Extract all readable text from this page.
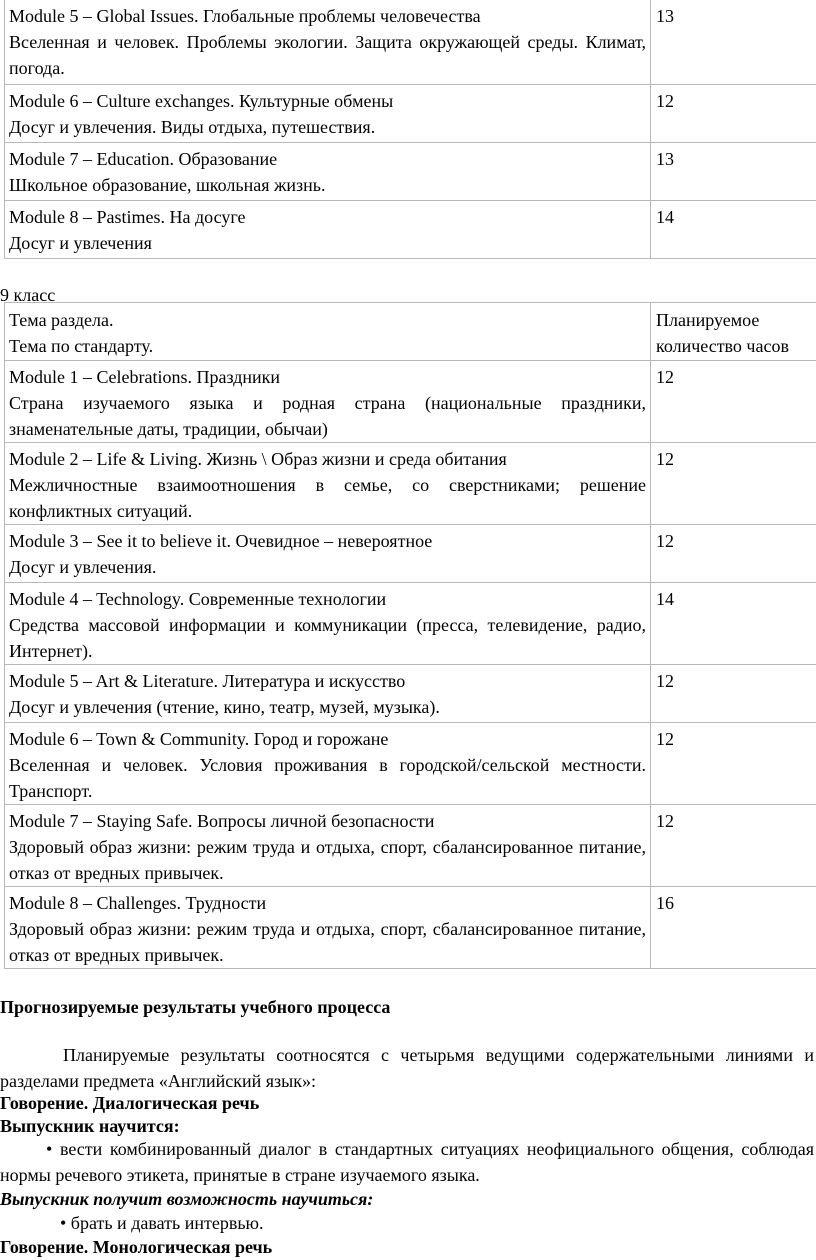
Module 5 – Global Issues. Глобальные проблемы человечества
Вселенная и человек. Проблемы экологии. Защита окружающей среды. Климат, погода.	13

Module 6 – Culture exchanges. Культурные обмены
Досуг и увлечения. Виды отдыха, путешествия.	12

Module 7 – Education. Образование
Школьное образование, школьная жизнь.	13

Module 8 – Pastimes. На досуге
Досуг и увлечения	14
9 класс
Тема раздела.
Тема по стандарту.	Планируемое количество часов

Module 1 – Celebrations. Праздники
Страна изучаемого языка и родная страна (национальные праздники, знаменательные даты, традиции, обычаи)	12

Module 2 – Life & Living. Жизнь \ Образ жизни и среда обитания
Межличностные взаимоотношения в семье, со сверстниками; решение конфликтных ситуаций.	12

Module 3 – See it to believe it. Очевидное – невероятное
Досуг и увлечения.	12

Module 4 – Technology. Современные технологии
Средства массовой информации и коммуникации (пресса, телевидение, радио, Интернет).	14

Module 5 – Art & Literature. Литература и искусство
Досуг и увлечения (чтение, кино, театр, музей, музыка).	12

Module 6 – Town & Community. Город и горожане
Вселенная и человек. Условия проживания в городской/сельской местности. Транспорт.	12

Module 7 – Staying Safe. Вопросы личной безопасности
Здоровый образ жизни: режим труда и отдыха, спорт, сбалансированное питание, отказ от вредных привычек.	12

Module 8 – Challenges. Трудности
Здоровый образ жизни: режим труда и отдыха, спорт, сбалансированное питание, отказ от вредных привычек.	16
Прогнозируемые результаты учебного процесса
Планируемые результаты соотносятся с четырьмя ведущими содержательными линиями и разделами предмета «Английский язык»:
Говорение. Диалогическая речь
Выпускник научится:
• вести комбинированный диалог в стандартных ситуациях неофициального общения, соблюдая нормы речевого этикета, принятые в стране изучаемого языка.
Выпускник получит возможность научиться:
• брать и давать интервью.
Говорение. Монологическая речь
